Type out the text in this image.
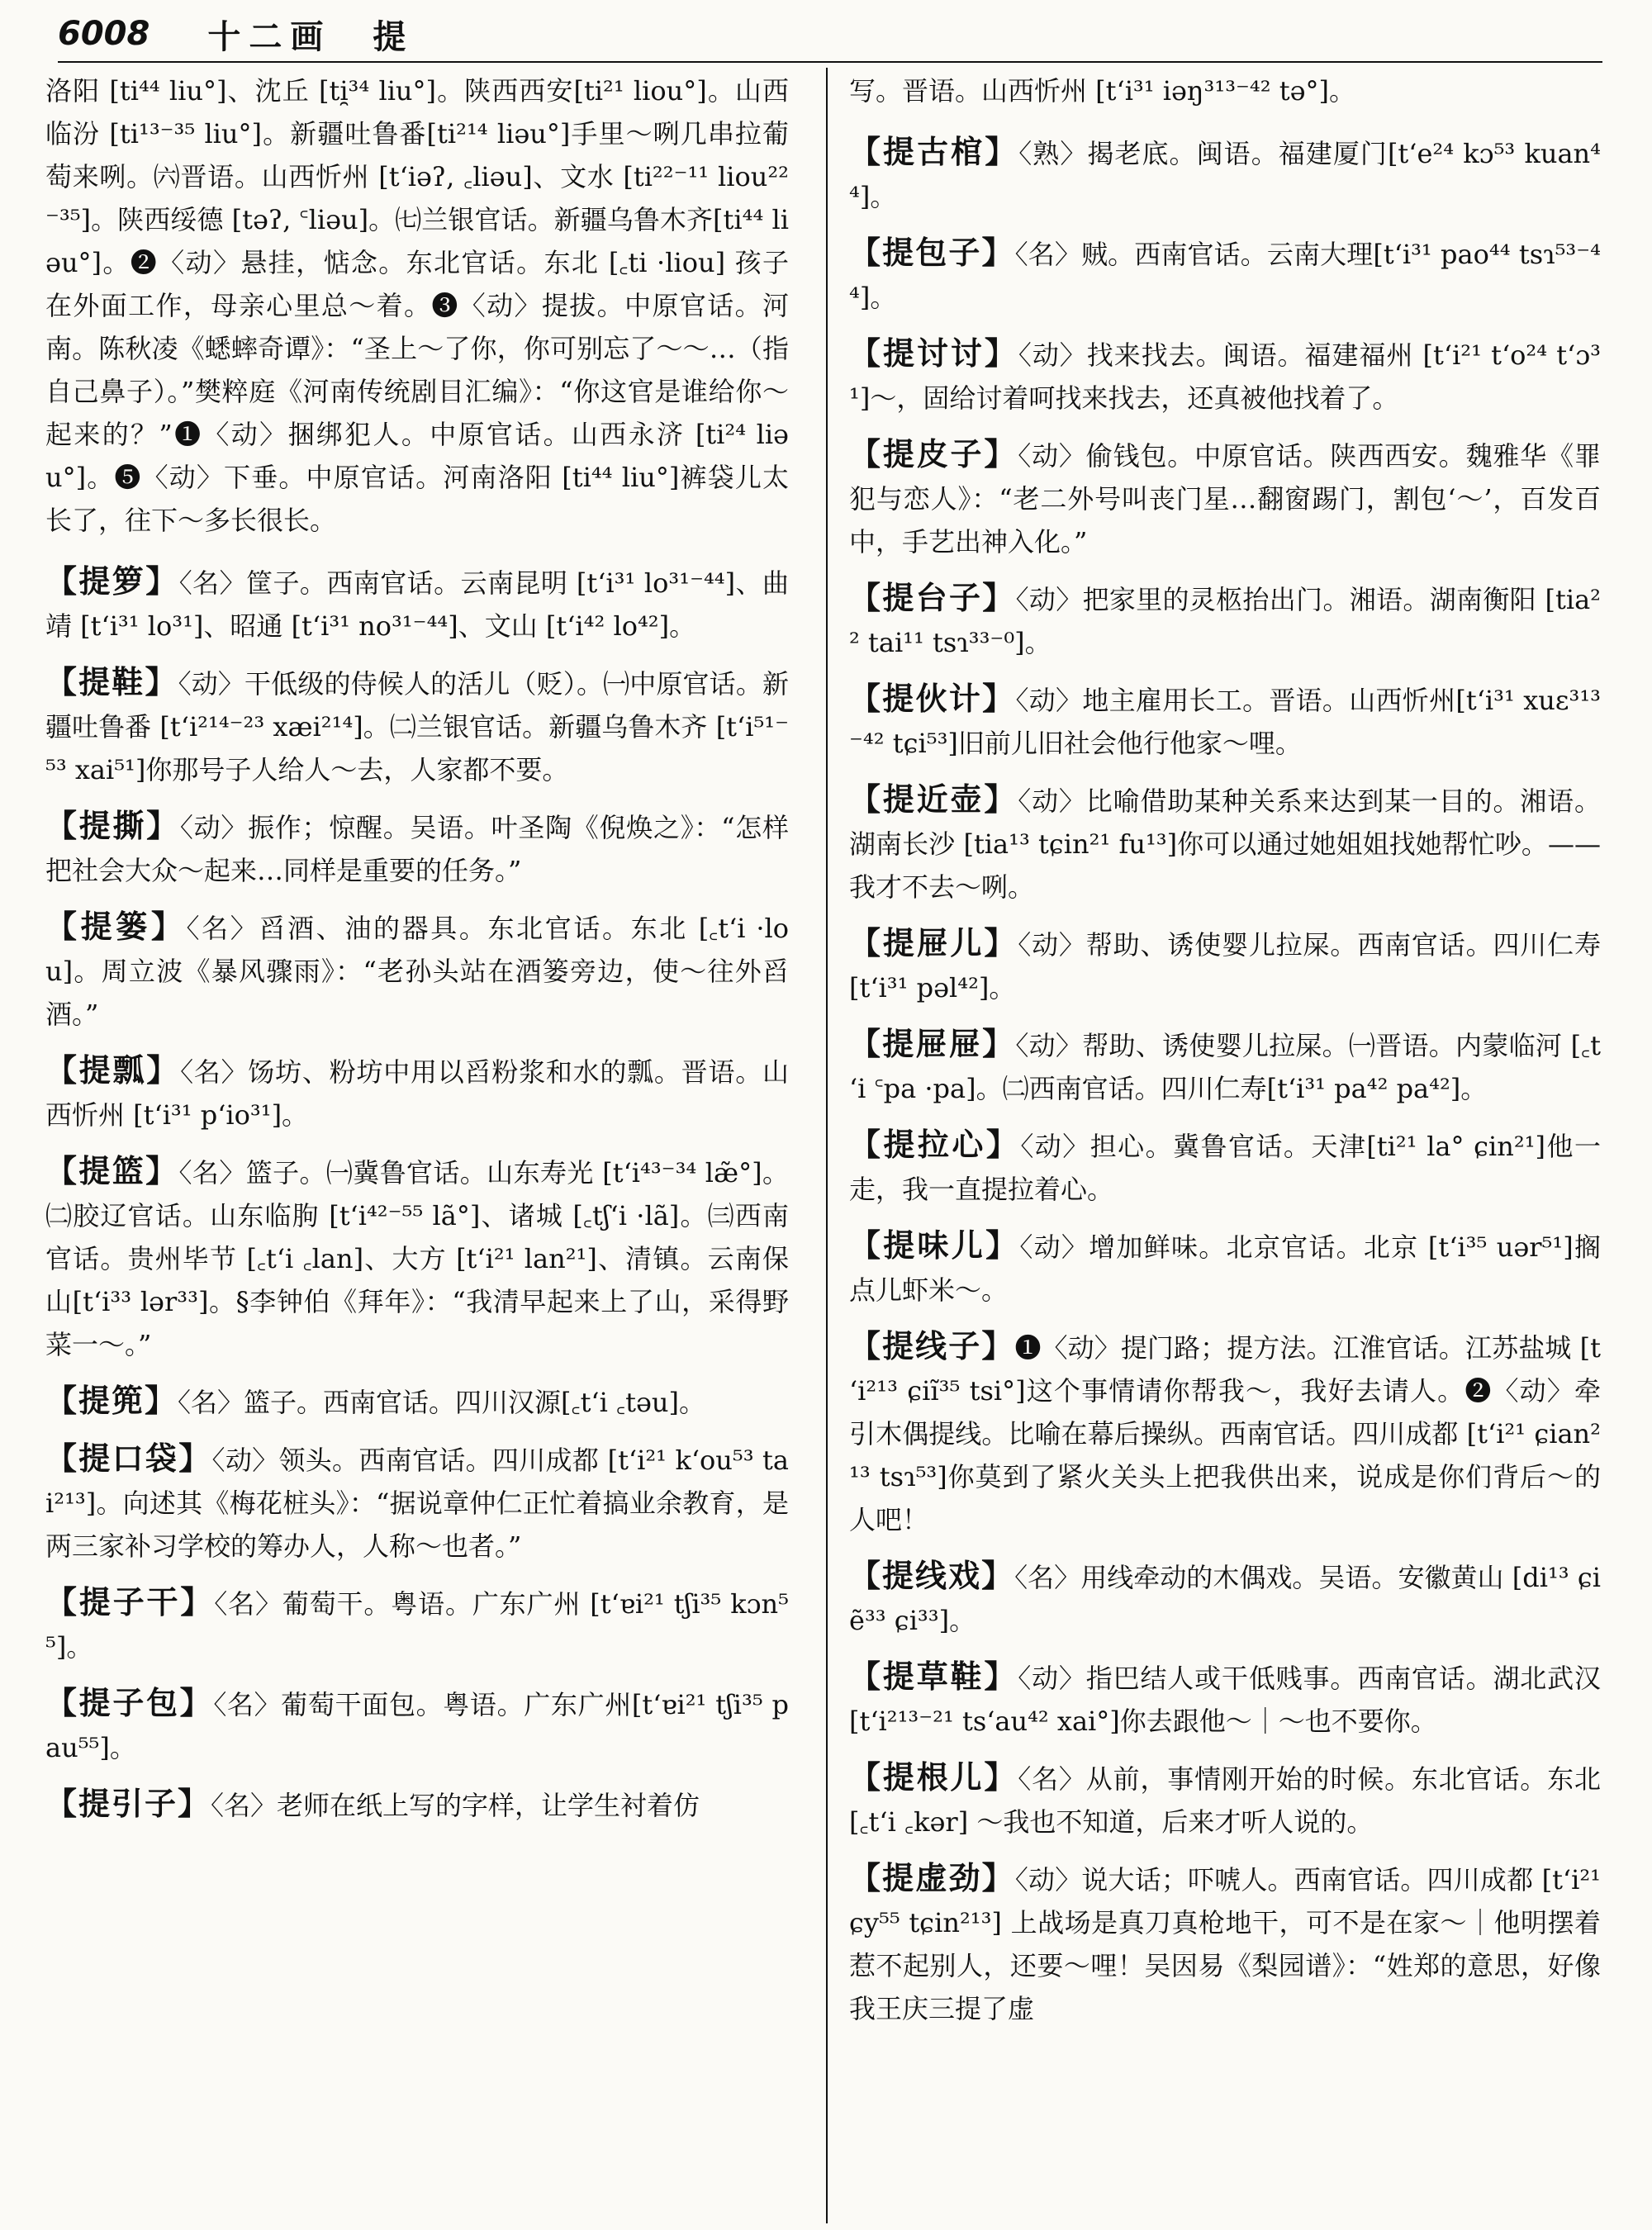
6008 十二画　提

洛阳 [ti⁴⁴ liu°]、沈丘 [ti̯³⁴ liu°]。陕西西安[ti²¹ liou°]。山西临汾 [ti¹³⁻³⁵ liu°]。新疆吐鲁番[ti²¹⁴ liəu°]手里～咧几串拉葡萄来咧。㈥晋语。山西忻州 [tʻiəʔ, ꜀liəu]、文水 [ti²²⁻¹¹ liou²²⁻³⁵]。陕西绥德 [təʔ, ꜂liəu]。㈦兰银官话。新疆乌鲁木齐[ti⁴⁴ liəu°]。❷〈动〉悬挂，惦念。东北官话。东北 [꜀ti ·liou] 孩子在外面工作，母亲心里总～着。❸〈动〉提拔。中原官话。河南。陈秋凌《蟋蟀奇谭》：“圣上～了你，你可别忘了～～…（指自己鼻子）。”樊粹庭《河南传统剧目汇编》：“你这官是谁给你～起来的？”❶〈动〉捆绑犯人。中原官话。山西永济 [ti²⁴ liəu°]。❺〈动〉下垂。中原官话。河南洛阳 [ti⁴⁴ liu°]裤袋儿太长了，往下～多长很长。

【提箩】〈名〉筐子。西南官话。云南昆明 [tʻi³¹ lo³¹⁻⁴⁴]、曲靖 [tʻi³¹ lo³¹]、昭通 [tʻi³¹ no³¹⁻⁴⁴]、文山 [tʻi⁴² lo⁴²]。

【提鞋】〈动〉干低级的侍候人的活儿（贬）。㈠中原官话。新疆吐鲁番 [tʻi²¹⁴⁻²³ xæi²¹⁴]。㈡兰银官话。新疆乌鲁木齐 [tʻi⁵¹⁻⁵³ xai⁵¹]你那号子人给人～去，人家都不要。

【提撕】〈动〉振作；惊醒。吴语。叶圣陶《倪焕之》：“怎样把社会大众～起来…同样是重要的任务。”

【提篓】〈名〉舀酒、油的器具。东北官话。东北 [꜀tʻi ·lou]。周立波《暴风骤雨》：“老孙头站在酒篓旁边，使～往外舀酒。”

【提瓢】〈名〉饧坊、粉坊中用以舀粉浆和水的瓢。晋语。山西忻州 [tʻi³¹ pʻio³¹]。

【提篮】〈名〉篮子。㈠冀鲁官话。山东寿光 [tʻi⁴³⁻³⁴ læ̃°]。㈡胶辽官话。山东临朐 [tʻi⁴²⁻⁵⁵ lã°]、诸城 [꜀tʃʻi ·lã]。㈢西南官话。贵州毕节 [꜀tʻi ꜀lan]、大方 [tʻi²¹ lan²¹]、清镇。云南保山[tʻi³³ lər³³]。§李钟伯《拜年》：“我清早起来上了山，采得野菜一～。”

【提篼】〈名〉篮子。西南官话。四川汉源[꜀tʻi ꜀təu]。

【提口袋】〈动〉领头。西南官话。四川成都 [tʻi²¹ kʻou⁵³ tai²¹³]。向述其《梅花桩头》：“据说章仲仁正忙着搞业余教育，是两三家补习学校的筹办人，人称～也者。”

【提子干】〈名〉葡萄干。粤语。广东广州 [tʻɐi²¹ tʃi³⁵ kɔn⁵⁵]。

【提子包】〈名〉葡萄干面包。粤语。广东广州[tʻɐi²¹ tʃi³⁵ pau⁵⁵]。

【提引子】〈名〉老师在纸上写的字样，让学生衬着仿

写。晋语。山西忻州 [tʻi³¹ iəŋ³¹³⁻⁴² tə°]。

【提古棺】〈熟〉揭老底。闽语。福建厦门[tʻe²⁴ kɔ⁵³ kuan⁴⁴]。

【提包子】〈名〉贼。西南官话。云南大理[tʻi³¹ pao⁴⁴ tsɿ⁵³⁻⁴⁴]。

【提讨讨】〈动〉找来找去。闽语。福建福州 [tʻi²¹ tʻo²⁴ tʻɔ³¹]～，固给讨着呵找来找去，还真被他找着了。

【提皮子】〈动〉偷钱包。中原官话。陕西西安。魏雅华《罪犯与恋人》：“老二外号叫丧门星…翻窗踢门，割包‘～’，百发百中，手艺出神入化。”

【提台子】〈动〉把家里的灵柩抬出门。湘语。湖南衡阳 [tia²² tai¹¹ tsɿ³³⁻⁰]。

【提伙计】〈动〉地主雇用长工。晋语。山西忻州[tʻi³¹ xuɛ³¹³⁻⁴² tɕi⁵³]旧前儿旧社会他行他家～哩。

【提近壶】〈动〉比喻借助某种关系来达到某一目的。湘语。湖南长沙 [tia¹³ tɕin²¹ fu¹³]你可以通过她姐姐找她帮忙吵。——我才不去～咧。

【提屉儿】〈动〉帮助、诱使婴儿拉屎。西南官话。四川仁寿 [tʻi³¹ pəl⁴²]。

【提屉屉】〈动〉帮助、诱使婴儿拉屎。㈠晋语。内蒙临河 [꜀tʻi ꜂pa ·pa]。㈡西南官话。四川仁寿[tʻi³¹ pa⁴² pa⁴²]。

【提拉心】〈动〉担心。冀鲁官话。天津[ti²¹ la° ɕin²¹]他一走，我一直提拉着心。

【提味儿】〈动〉增加鲜味。北京官话。北京 [tʻi³⁵ uər⁵¹]搁点儿虾米～。

【提线子】❶〈动〉提门路；提方法。江淮官话。江苏盐城 [tʻi²¹³ ɕiĩ³⁵ tsi°]这个事情请你帮我～，我好去请人。❷〈动〉牵引木偶提线。比喻在幕后操纵。西南官话。四川成都 [tʻi²¹ ɕian²¹³ tsɿ⁵³]你莫到了紧火关头上把我供出来，说成是你们背后～的人吧！

【提线戏】〈名〉用线牵动的木偶戏。吴语。安徽黄山 [di¹³ ɕiẽ³³ ɕi³³]。

【提草鞋】〈动〉指巴结人或干低贱事。西南官话。湖北武汉 [tʻi²¹³⁻²¹ tsʻau⁴² xai°]你去跟他～｜～也不要你。

【提根儿】〈名〉从前，事情刚开始的时候。东北官话。东北 [꜀tʻi ꜀kər] ～我也不知道，后来才听人说的。

【提虚劲】〈动〉说大话；吓唬人。西南官话。四川成都 [tʻi²¹ ɕy⁵⁵ tɕin²¹³] 上战场是真刀真枪地干，可不是在家～｜他明摆着惹不起别人，还要～哩！吴因易《梨园谱》：“姓郑的意思，好像我王庆三提了虚
